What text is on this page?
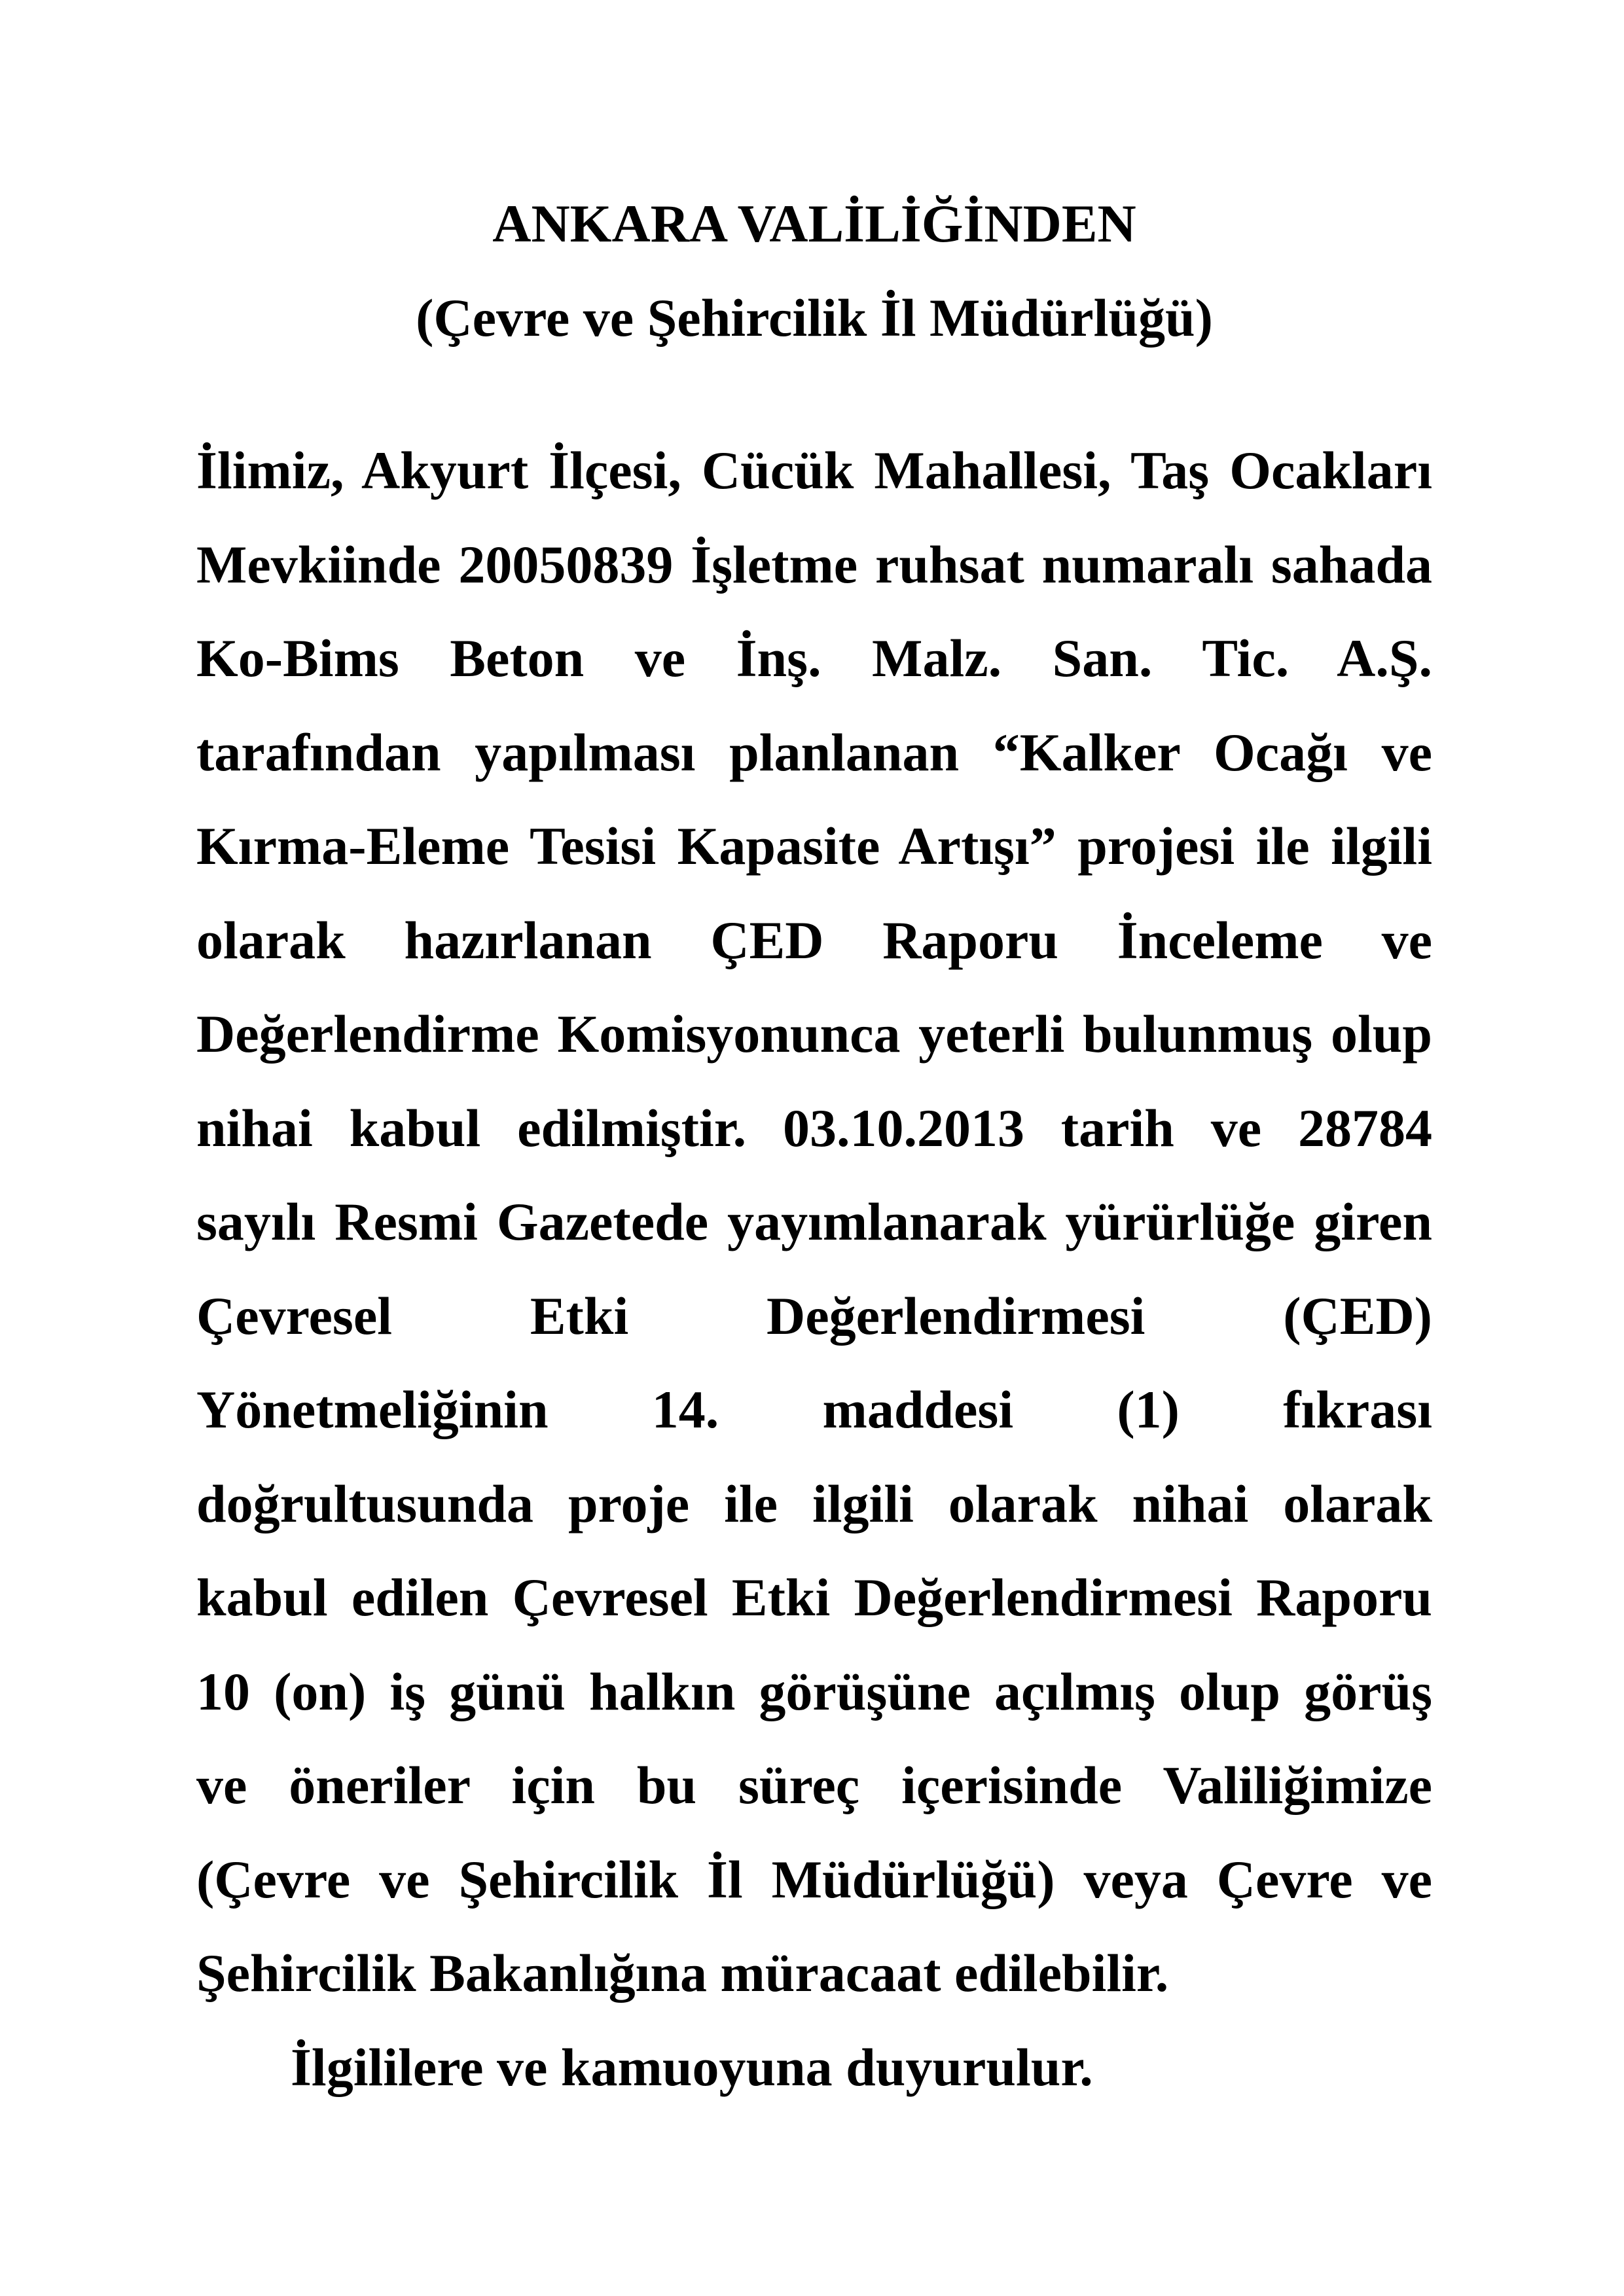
ANKARA VALİLİĞİNDEN
(Çevre ve Şehircilik İl Müdürlüğü)
İlimiz, Akyurt İlçesi, Cücük Mahallesi, Taş Ocakları
Mevkiinde 20050839 İşletme ruhsat numaralı sahada
Ko-Bims Beton ve İnş. Malz. San. Tic. A.Ş.
tarafından yapılması planlanan “Kalker Ocağı ve
Kırma-Eleme Tesisi Kapasite Artışı” projesi ile ilgili
olarak hazırlanan ÇED Raporu İnceleme ve
Değerlendirme Komisyonunca yeterli bulunmuş olup
nihai kabul edilmiştir. 03.10.2013 tarih ve 28784
sayılı Resmi Gazetede yayımlanarak yürürlüğe giren
Çevresel Etki Değerlendirmesi (ÇED)
Yönetmeliğinin 14. maddesi (1) fıkrası
doğrultusunda proje ile ilgili olarak nihai olarak
kabul edilen Çevresel Etki Değerlendirmesi Raporu
10 (on) iş günü halkın görüşüne açılmış olup görüş
ve öneriler için bu süreç içerisinde Valiliğimize
(Çevre ve Şehircilik İl Müdürlüğü) veya Çevre ve
Şehircilik Bakanlığına müracaat edilebilir.
İlgililere ve kamuoyuna duyurulur.
